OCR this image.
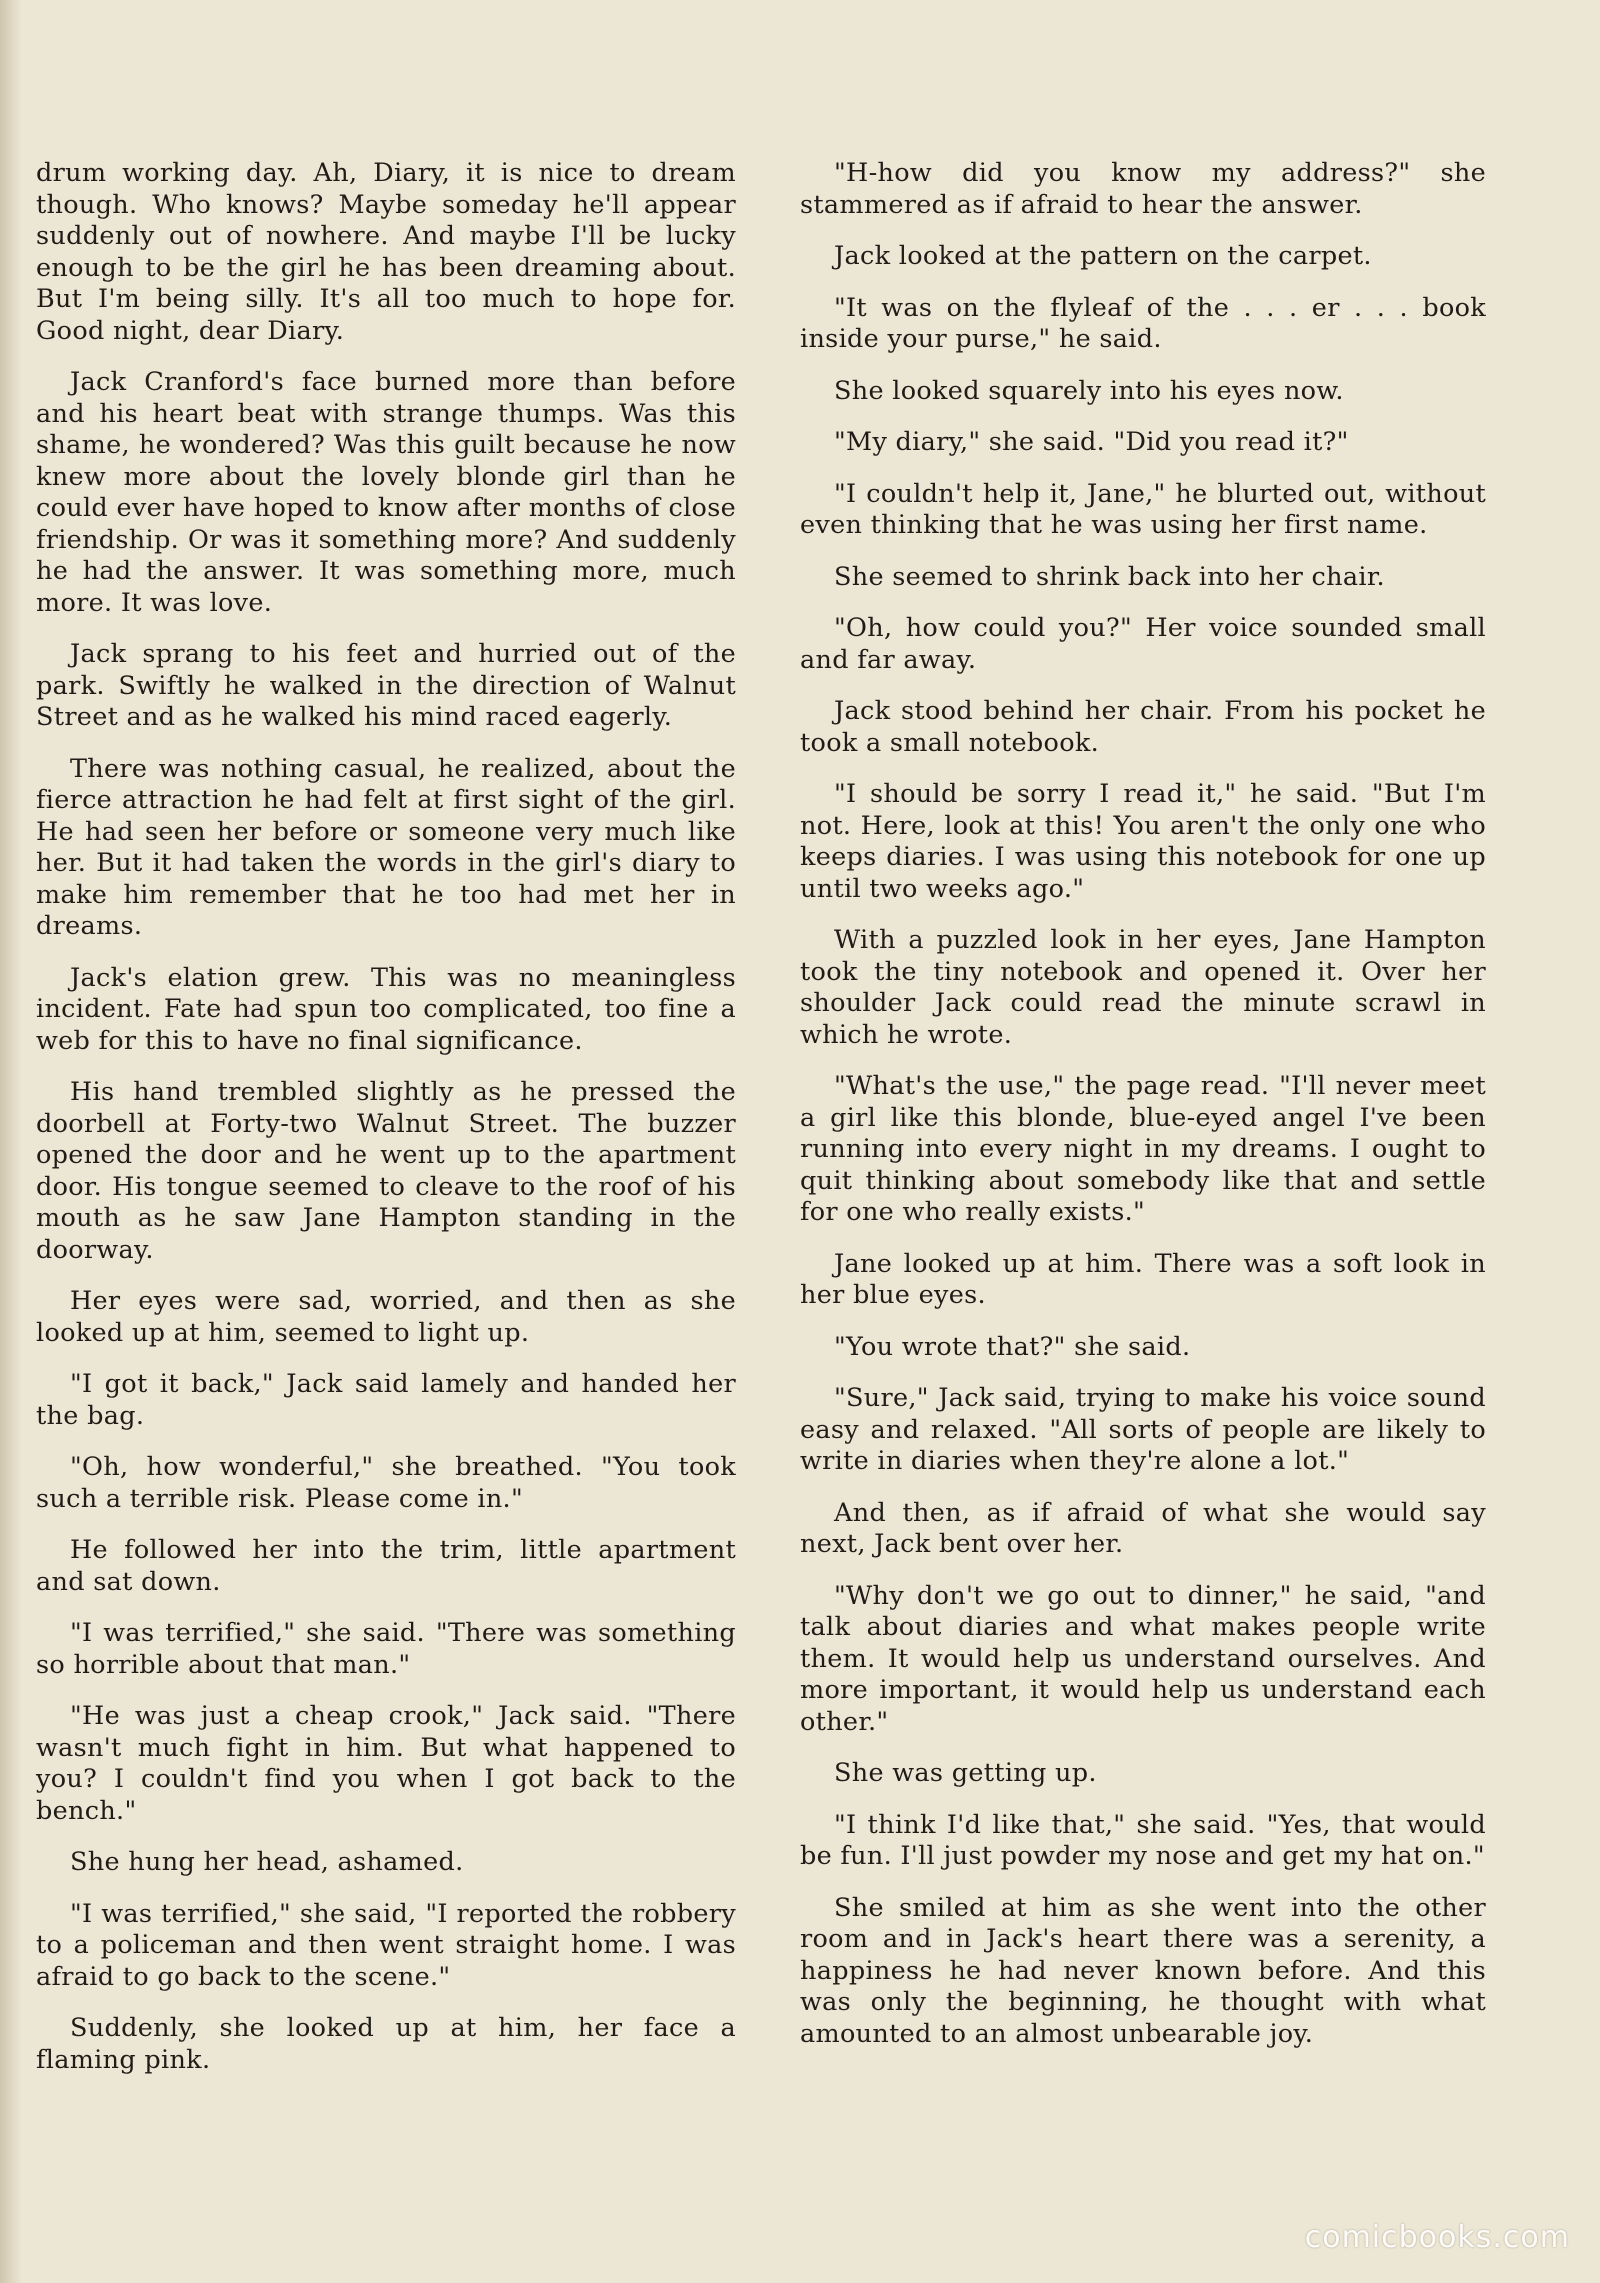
drum working day. Ah, Diary, it is nice to dream though. Who knows? Maybe someday he'll appear suddenly out of nowhere. And maybe I'll be lucky enough to be the girl he has been dreaming about. But I'm being silly. It's all too much to hope for. Good night, dear Diary.

Jack Cranford's face burned more than before and his heart beat with strange thumps. Was this shame, he wondered? Was this guilt because he now knew more about the lovely blonde girl than he could ever have hoped to know after months of close friendship. Or was it something more? And suddenly he had the answer. It was something more, much more. It was love.

Jack sprang to his feet and hurried out of the park. Swiftly he walked in the direction of Walnut Street and as he walked his mind raced eagerly.

There was nothing casual, he realized, about the fierce attraction he had felt at first sight of the girl. He had seen her before or someone very much like her. But it had taken the words in the girl's diary to make him remember that he too had met her in dreams.

Jack's elation grew. This was no meaningless incident. Fate had spun too complicated, too fine a web for this to have no final significance.

His hand trembled slightly as he pressed the doorbell at Forty-two Walnut Street. The buzzer opened the door and he went up to the apartment door. His tongue seemed to cleave to the roof of his mouth as he saw Jane Hampton standing in the doorway.

Her eyes were sad, worried, and then as she looked up at him, seemed to light up.

"I got it back," Jack said lamely and handed her the bag.

"Oh, how wonderful," she breathed. "You took such a terrible risk. Please come in."

He followed her into the trim, little apartment and sat down.

"I was terrified," she said. "There was something so horrible about that man."

"He was just a cheap crook," Jack said. "There wasn't much fight in him. But what happened to you? I couldn't find you when I got back to the bench."

She hung her head, ashamed.

"I was terrified," she said, "I reported the robbery to a policeman and then went straight home. I was afraid to go back to the scene."

Suddenly, she looked up at him, her face a flaming pink.

"H-how did you know my address?" she stammered as if afraid to hear the answer.

Jack looked at the pattern on the carpet.

"It was on the flyleaf of the . . . er . . . book inside your purse," he said.

She looked squarely into his eyes now.

"My diary," she said. "Did you read it?"

"I couldn't help it, Jane," he blurted out, without even thinking that he was using her first name.

She seemed to shrink back into her chair.

"Oh, how could you?" Her voice sounded small and far away.

Jack stood behind her chair. From his pocket he took a small notebook.

"I should be sorry I read it," he said. "But I'm not. Here, look at this! You aren't the only one who keeps diaries. I was using this notebook for one up until two weeks ago."

With a puzzled look in her eyes, Jane Hampton took the tiny notebook and opened it. Over her shoulder Jack could read the minute scrawl in which he wrote.

"What's the use," the page read. "I'll never meet a girl like this blonde, blue-eyed angel I've been running into every night in my dreams. I ought to quit thinking about somebody like that and settle for one who really exists."

Jane looked up at him. There was a soft look in her blue eyes.

"You wrote that?" she said.

"Sure," Jack said, trying to make his voice sound easy and relaxed. "All sorts of people are likely to write in diaries when they're alone a lot."

And then, as if afraid of what she would say next, Jack bent over her.

"Why don't we go out to dinner," he said, "and talk about diaries and what makes people write them. It would help us understand ourselves. And more important, it would help us understand each other."

She was getting up.

"I think I'd like that," she said. "Yes, that would be fun. I'll just powder my nose and get my hat on."

She smiled at him as she went into the other room and in Jack's heart there was a serenity, a happiness he had never known before. And this was only the beginning, he thought with what amounted to an almost unbearable joy.

comicbooks.com
